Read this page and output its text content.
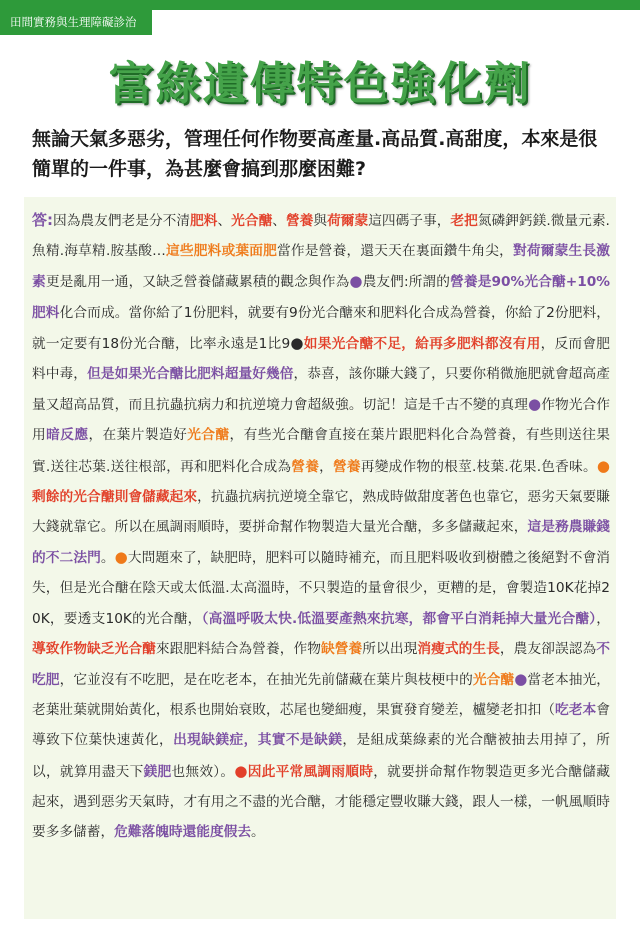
田間實務與生理障礙診治
富綠遺傳特色強化劑
無論天氣多惡劣，管理任何作物要高產量.高品質.高甜度，本來是很簡單的一件事，為甚麼會搞到那麼困難?
答:因為農友們老是分不清肥料、光合醣、營養與荷爾蒙這四碼子事，老把氮磷鉀鈣鎂.微量元素.魚精.海草精.胺基酸…這些肥料或葉面肥當作是營養，還天天在裏面鑽牛角尖，對荷爾蒙生長激素更是亂用一通，又缺乏營養儲藏累積的觀念與作為●農友們:所謂的營養是90%光合醣+10%肥料化合而成。當你給了1份肥料，就要有9份光合醣來和肥料化合成為營養，你給了2份肥料，就一定要有18份光合醣，比率永遠是1比9●如果光合醣不足，給再多肥料都沒有用，反而會肥料中毒，但是如果光合醣比肥料超量好幾倍，恭喜，該你賺大錢了，只要你稍微施肥就會超高產量又超高品質，而且抗蟲抗病力和抗逆境力會超級強。切記！這是千古不變的真理●作物光合作用暗反應，在葉片製造好光合醣，有些光合醣會直接在葉片跟肥料化合為營養，有些則送往果實.送往芯葉.送往根部，再和肥料化合成為營養，營養再變成作物的根莖.枝葉.花果.色香味。●剩餘的光合醣則會儲藏起來，抗蟲抗病抗逆境全靠它，熟成時做甜度著色也靠它，惡劣天氣要賺大錢就靠它。所以在風調雨順時，要拼命幫作物製造大量光合醣，多多儲藏起來，這是務農賺錢的不二法門。●大問題來了，缺肥時，肥料可以隨時補充，而且肥料吸收到樹體之後絕對不會消失，但是光合醣在陰天或太低溫.太高溫時，不只製造的量會很少，更糟的是，會製造10K花掉20K，要透支10K的光合醣，（高溫呼吸太快.低溫要產熱來抗寒，都會平白消耗掉大量光合醣），導致作物缺乏光合醣來跟肥料結合為營養，作物缺營養所以出現消瘦式的生長，農友卻誤認為不吃肥，它並沒有不吃肥，是在吃老本，在抽光先前儲藏在葉片與枝梗中的光合醣●當老本抽光，老葉壯葉就開始黃化，根系也開始衰敗，芯尾也變細瘦，果實發育變差，櫨變老扣扣（吃老本會導致下位葉快速黃化，出現缺鎂症，其實不是缺鎂，是組成葉綠素的光合醣被抽去用掉了，所以，就算用盡天下鎂肥也無效）。●因此平常風調雨順時，就要拼命幫作物製造更多光合醣儲藏起來，遇到惡劣天氣時，才有用之不盡的光合醣，才能穩定豐收賺大錢，跟人一樣，一帆風順時要多多儲蓄，危難落魄時還能度假去。
